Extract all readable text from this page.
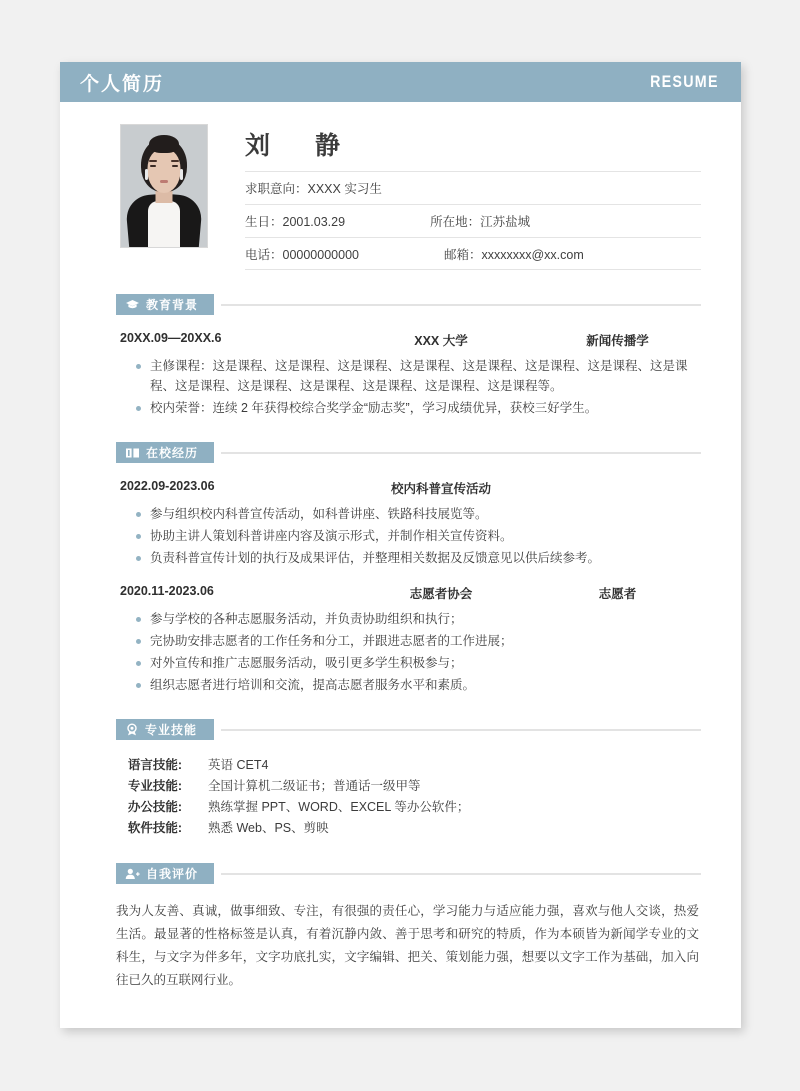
个人简历	RESUME
刘　静
求职意向：XXXX 实习生
生日：2001.03.29	所在地：江苏盐城
电话：00000000000	邮箱：xxxxxxxx@xx.com
教育背景
20XX.09—20XX.6	XXX 大学	新闻传播学
主修课程：这是课程、这是课程、这是课程、这是课程、这是课程、这是课程、这是课程、这是课程、这是课程、这是课程、这是课程、这是课程、这是课程、这是课程等。
校内荣誉：连续 2 年获得校综合奖学金“励志奖”，学习成绩优异，获校三好学生。
在校经历
2022.09-2023.06	校内科普宣传活动
参与组织校内科普宣传活动，如科普讲座、铁路科技展览等。
协助主讲人策划科普讲座内容及演示形式，并制作相关宣传资料。
负责科普宣传计划的执行及成果评估，并整理相关数据及反馈意见以供后续参考。
2020.11-2023.06	志愿者协会	志愿者
参与学校的各种志愿服务活动，并负责协助组织和执行；
完协助安排志愿者的工作任务和分工，并跟进志愿者的工作进展；
对外宣传和推广志愿服务活动，吸引更多学生积极参与；
组织志愿者进行培训和交流，提高志愿者服务水平和素质。
专业技能
语言技能:	英语 CET4
专业技能:	全国计算机二级证书；普通话一级甲等
办公技能:	熟练掌握 PPT、WORD、EXCEL 等办公软件；
软件技能:	熟悉 Web、PS、剪映
自我评价
我为人友善、真诚，做事细致、专注，有很强的责任心，学习能力与适应能力强，喜欢与他人交谈，热爱生活。最显著的性格标签是认真，有着沉静内敛、善于思考和研究的特质，作为本硕皆为新闻学专业的文科生，与文字为伴多年，文字功底扎实，文字编辑、把关、策划能力强，想要以文字工作为基础，加入向往已久的互联网行业。
